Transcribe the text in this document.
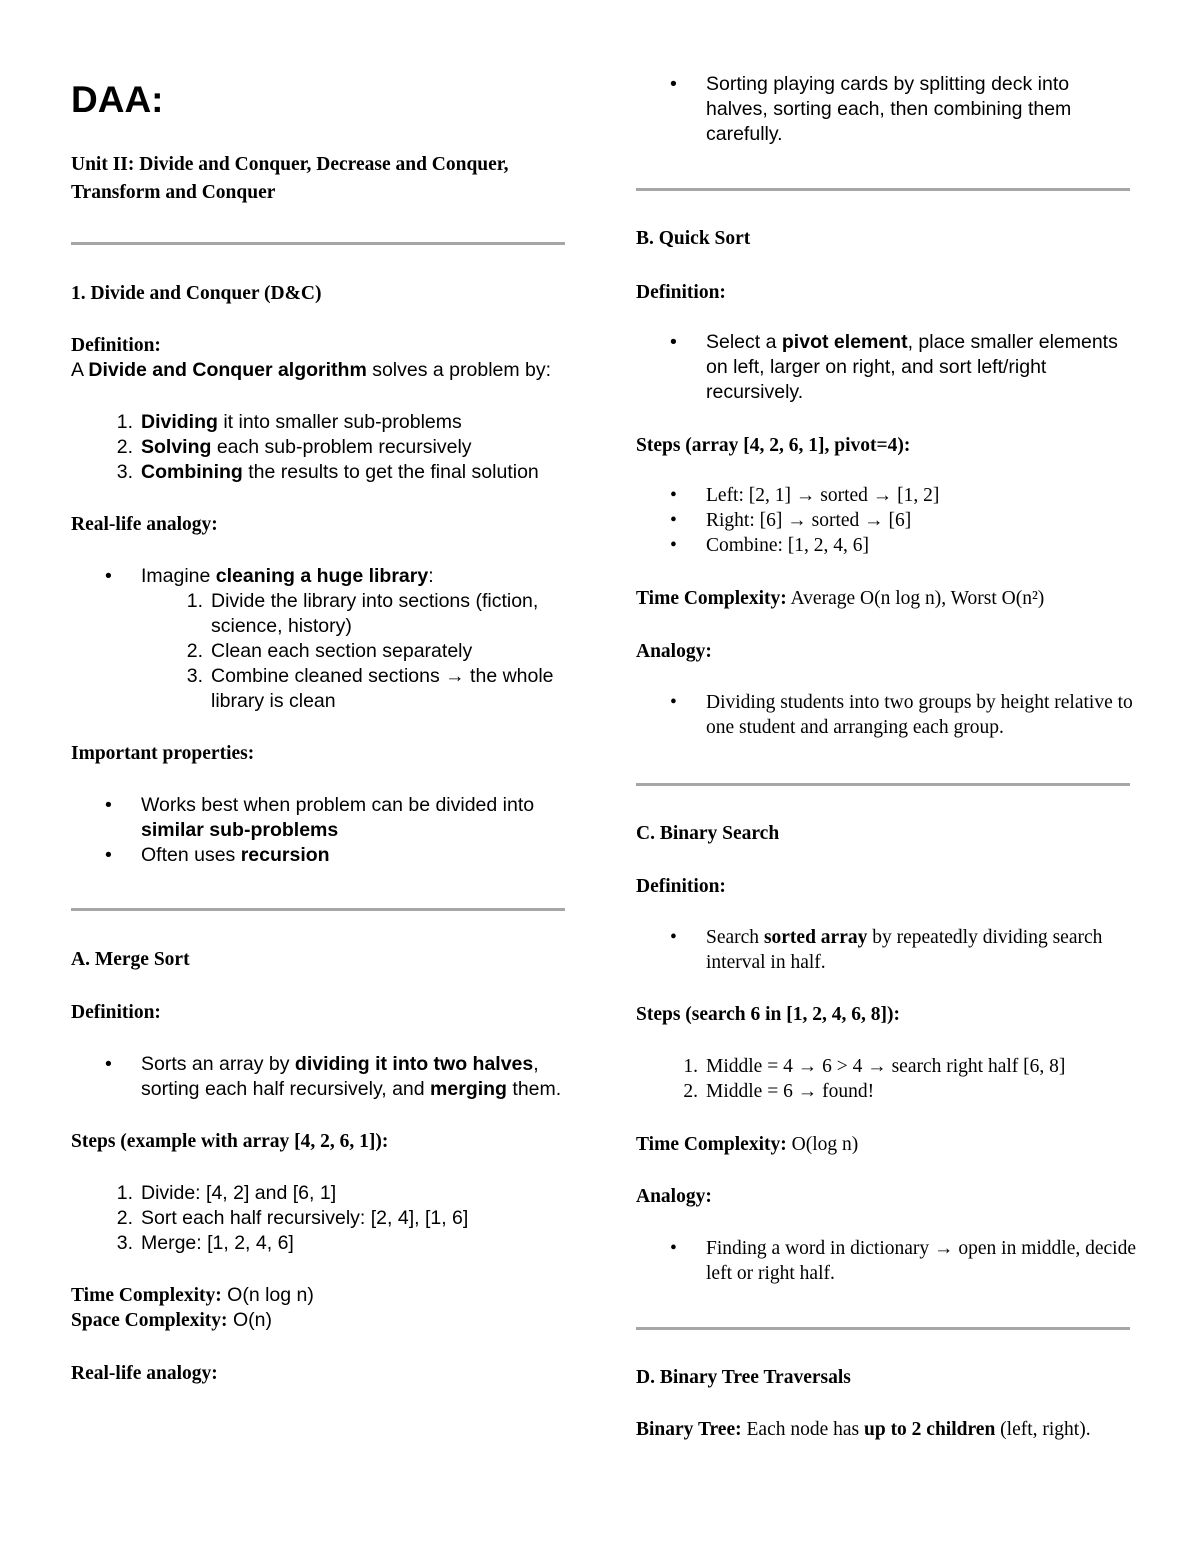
DAA:

Unit II: Divide and Conquer, Decrease and Conquer, Transform and Conquer

1. Divide and Conquer (D&C)
Definition:
A Divide and Conquer algorithm solves a problem by:
1. Dividing it into smaller sub-problems
2. Solving each sub-problem recursively
3. Combining the results to get the final solution
Real-life analogy:
• Imagine cleaning a huge library:
1. Divide the library into sections (fiction, science, history)
2. Clean each section separately
3. Combine cleaned sections → the whole library is clean
Important properties:
• Works best when problem can be divided into similar sub-problems
• Often uses recursion
A. Merge Sort
Definition:
• Sorts an array by dividing it into two halves, sorting each half recursively, and merging them.
Steps (example with array [4, 2, 6, 1]):
1. Divide: [4, 2] and [6, 1]
2. Sort each half recursively: [2, 4], [1, 6]
3. Merge: [1, 2, 4, 6]
Time Complexity: O(n log n)
Space Complexity: O(n)
Real-life analogy:
• Sorting playing cards by splitting deck into halves, sorting each, then combining them carefully.
B. Quick Sort
Definition:
• Select a pivot element, place smaller elements on left, larger on right, and sort left/right recursively.
Steps (array [4, 2, 6, 1], pivot=4):
• Left: [2, 1] → sorted → [1, 2]
• Right: [6] → sorted → [6]
• Combine: [1, 2, 4, 6]
Time Complexity: Average O(n log n), Worst O(n²)
Analogy:
• Dividing students into two groups by height relative to one student and arranging each group.
C. Binary Search
Definition:
• Search sorted array by repeatedly dividing search interval in half.
Steps (search 6 in [1, 2, 4, 6, 8]):
1. Middle = 4 → 6 > 4 → search right half [6, 8]
2. Middle = 6 → found!
Time Complexity: O(log n)
Analogy:
• Finding a word in dictionary → open in middle, decide left or right half.
D. Binary Tree Traversals
Binary Tree: Each node has up to 2 children (left, right).
